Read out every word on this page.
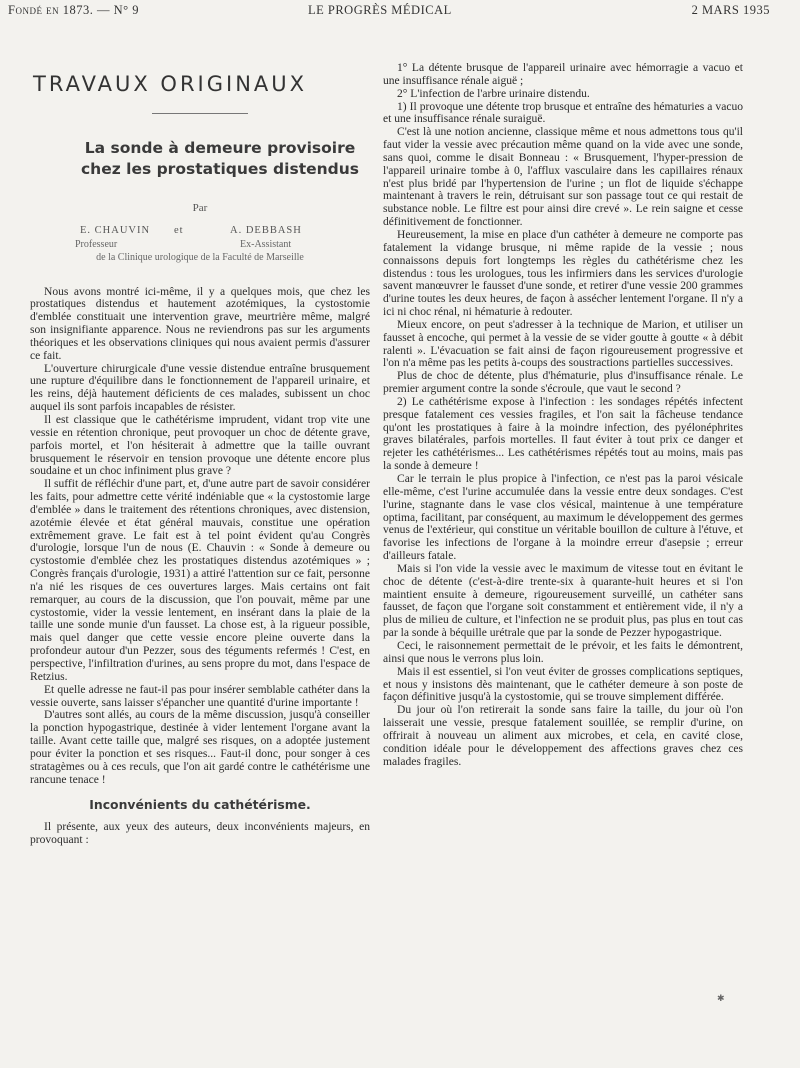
Fondé en 1873. — N° 9	LE PROGRÈS MÉDICAL	2 MARS 1935
TRAVAUX ORIGINAUX
La sonde à demeure provisoire
chez les prostatiques distendus
Par
E. CHAUVIN et	A. DEBBASH
Professeur	Ex-Assistant
de la Clinique urologique de la Faculté de Marseille

Nous avons montré ici-même, il y a quelques mois, que chez les prostatiques distendus et hautement azotémiques, la cystostomie d'emblée constituait une intervention grave, meurtrière même, malgré son insignifiante apparence. Nous ne reviendrons pas sur les arguments théoriques et les observations cliniques qui nous avaient permis d'assurer ce fait.

L'ouverture chirurgicale d'une vessie distendue entraîne brusquement une rupture d'équilibre dans le fonctionnement de l'appareil urinaire, et les reins, déjà hautement déficients de ces malades, subissent un choc auquel ils sont parfois incapables de résister.

Il est classique que le cathétérisme imprudent, vidant trop vite une vessie en rétention chronique, peut provoquer un choc de détente grave, parfois mortel, et l'on hésiterait à admettre que la taille ouvrant brusquement le réservoir en tension provoque une détente encore plus soudaine et un choc infiniment plus grave ?

Il suffit de réfléchir d'une part, et, d'une autre part de savoir considérer les faits, pour admettre cette vérité indéniable que « la cystostomie large d'emblée » dans le traitement des rétentions chroniques, avec distension, azotémie élevée et état général mauvais, constitue une opération extrêmement grave. Le fait est à tel point évident qu'au Congrès d'urologie, lorsque l'un de nous (E. Chauvin : « Sonde à demeure ou cystostomie d'emblée chez les prostatiques distendus azotémiques » ; Congrès français d'urologie, 1931) a attiré l'attention sur ce fait, personne n'a nié les risques de ces ouvertures larges. Mais certains ont fait remarquer, au cours de la discussion, que l'on pouvait, même par une cystostomie, vider la vessie lentement, en insérant dans la plaie de la taille une sonde munie d'un fausset. La chose est, à la rigueur possible, mais quel danger que cette vessie encore pleine ouverte dans la profondeur autour d'un Pezzer, sous des téguments refermés ! C'est, en perspective, l'infiltration d'urines, au sens propre du mot, dans l'espace de Retzius.

Et quelle adresse ne faut-il pas pour insérer semblable cathéter dans la vessie ouverte, sans laisser s'épancher une quantité d'urine importante !

D'autres sont allés, au cours de la même discussion, jusqu'à conseiller la ponction hypogastrique, destinée à vider lentement l'organe avant la taille. Avant cette taille que, malgré ses risques, on a adoptée justement pour éviter la ponction et ses risques... Faut-il donc, pour songer à ces stratagèmes ou à ces reculs, que l'on ait gardé contre le cathétérisme une rancune tenace !

Inconvénients du cathétérisme.

Il présente, aux yeux des auteurs, deux inconvénients majeurs, en provoquant :

1° La détente brusque de l'appareil urinaire avec hémorragie a vacuo et une insuffisance rénale aiguë ;

2° L'infection de l'arbre urinaire distendu.

1) Il provoque une détente trop brusque et entraîne des hématuries a vacuo et une insuffisance rénale suraiguë.

C'est là une notion ancienne, classique même et nous admettons tous qu'il faut vider la vessie avec précaution même quand on la vide avec une sonde, sans quoi, comme le disait Bonneau : « Brusquement, l'hyper-pression de l'appareil urinaire tombe à 0, l'afflux vasculaire dans les capillaires rénaux n'est plus bridé par l'hypertension de l'urine ; un flot de liquide s'échappe maintenant à travers le rein, détruisant sur son passage tout ce qui restait de substance noble. Le filtre est pour ainsi dire crevé ». Le rein saigne et cesse définitivement de fonctionner.

Heureusement, la mise en place d'un cathéter à demeure ne comporte pas fatalement la vidange brusque, ni même rapide de la vessie ; nous connaissons depuis fort longtemps les règles du cathétérisme chez les distendus : tous les urologues, tous les infirmiers dans les services d'urologie savent manœuvrer le fausset d'une sonde, et retirer d'une vessie 200 grammes d'urine toutes les deux heures, de façon à assécher lentement l'organe. Il n'y a ici ni choc rénal, ni hématurie à redouter.

Mieux encore, on peut s'adresser à la technique de Marion, et utiliser un fausset à encoche, qui permet à la vessie de se vider goutte à goutte « à débit ralenti ». L'évacuation se fait ainsi de façon rigoureusement progressive et l'on n'a même pas les petits à-coups des soustractions partielles successives.

Plus de choc de détente, plus d'hématurie, plus d'insuffisance rénale. Le premier argument contre la sonde s'écroule, que vaut le second ?

2) Le cathétérisme expose à l'infection : les sondages répétés infectent presque fatalement ces vessies fragiles, et l'on sait la fâcheuse tendance qu'ont les prostatiques à faire à la moindre infection, des pyélonéphrites graves bilatérales, parfois mortelles. Il faut éviter à tout prix ce danger et rejeter les cathétérismes... Les cathétérismes répétés tout au moins, mais pas la sonde à demeure !

Car le terrain le plus propice à l'infection, ce n'est pas la paroi vésicale elle-même, c'est l'urine accumulée dans la vessie entre deux sondages. C'est l'urine, stagnante dans le vase clos vésical, maintenue à une température optima, facilitant, par conséquent, au maximum le développement des germes venus de l'extérieur, qui constitue un véritable bouillon de culture à l'étuve, et favorise les infections de l'organe à la moindre erreur d'asepsie ; erreur d'ailleurs fatale.

Mais si l'on vide la vessie avec le maximum de vitesse tout en évitant le choc de détente (c'est-à-dire trente-six à quarante-huit heures et si l'on maintient ensuite à demeure, rigoureusement surveillé, un cathéter sans fausset, de façon que l'organe soit constamment et entièrement vide, il n'y a plus de milieu de culture, et l'infection ne se produit plus, pas plus en tout cas par la sonde à béquille urétrale que par la sonde de Pezzer hypogastrique.

Ceci, le raisonnement permettait de le prévoir, et les faits le démontrent, ainsi que nous le verrons plus loin.

Mais il est essentiel, si l'on veut éviter de grosses complications septiques, et nous y insistons dès maintenant, que le cathéter demeure à son poste de façon définitive jusqu'à la cystostomie, qui se trouve simplement différée.

Du jour où l'on retirerait la sonde sans faire la taille, du jour où l'on laisserait une vessie, presque fatalement souillée, se remplir d'urine, on offrirait à nouveau un aliment aux microbes, et cela, en cavité close, condition idéale pour le développement des affections graves chez ces malades fragiles.

✱
